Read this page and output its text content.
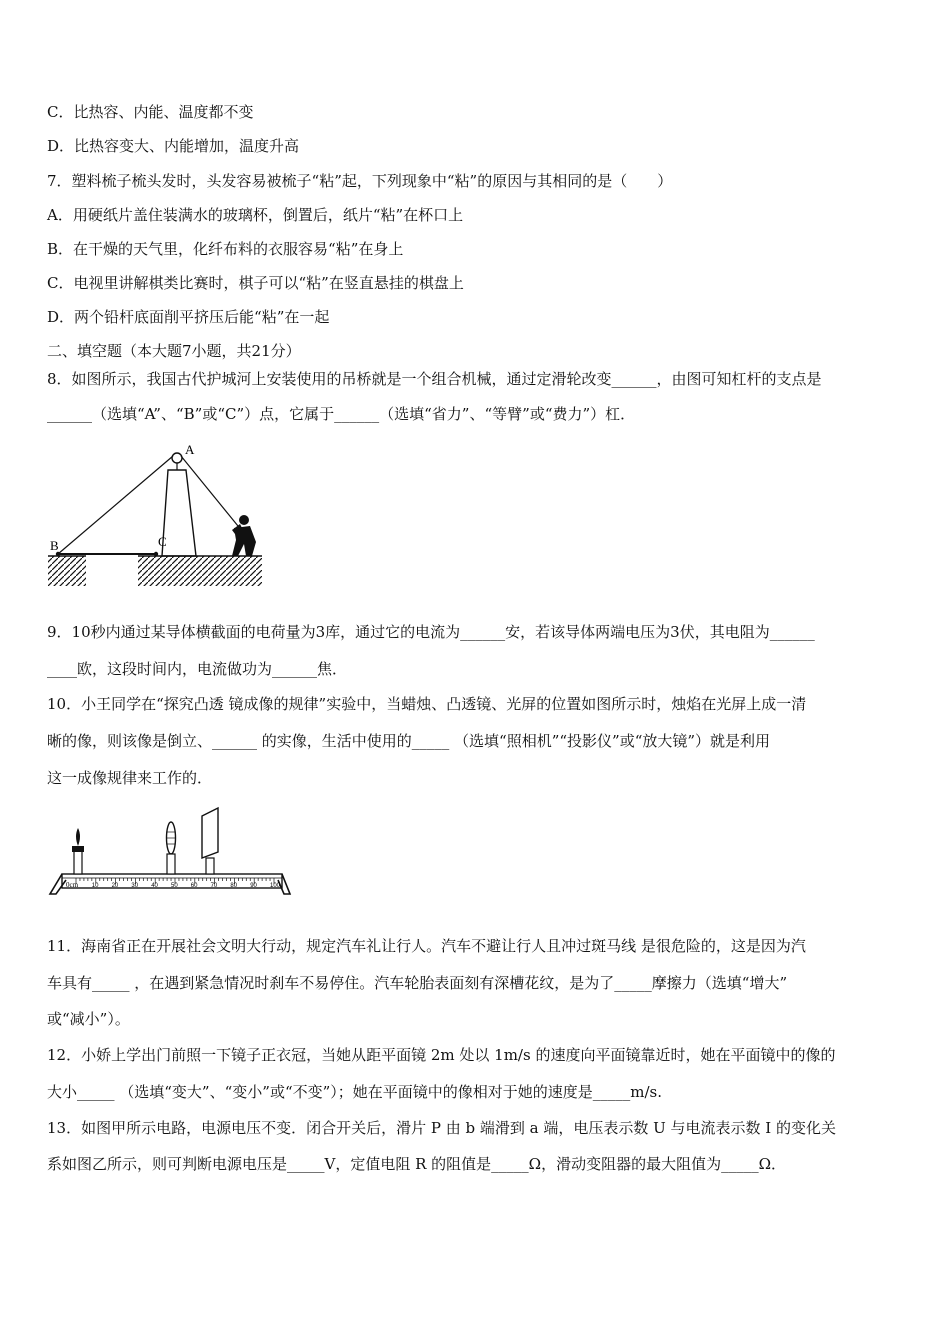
C．比热容、内能、温度都不变
D．比热容变大、内能增加，温度升高
7．塑料梳子梳头发时，头发容易被梳子“粘”起，下列现象中“粘”的原因与其相同的是（　　）
A．用硬纸片盖住装满水的玻璃杯，倒置后，纸片“粘”在杯口上
B．在干燥的天气里，化纤布料的衣服容易“粘”在身上
C．电视里讲解棋类比赛时，棋子可以“粘”在竖直悬挂的棋盘上
D．两个铅杆底面削平挤压后能“粘”在一起
二、填空题（本大题7小题，共21分）
8．如图所示，我国古代护城河上安装使用的吊桥就是一个组合机械，通过定滑轮改变______，由图可知杠杆的支点是
______（选填“A”、“B”或“C”）点，它属于______（选填“省力”、“等臂”或“费力”）杠．
A
B	C
9．10秒内通过某导体横截面的电荷量为3库，通过它的电流为______安，若该导体两端电压为3伏，其电阻为______
____欧，这段时间内，电流做功为______焦．
10．小王同学在“探究凸透 镜成像的规律”实验中，当蜡烛、凸透镜、光屏的位置如图所示时，烛焰在光屏上成一清
晰的像，则该像是倒立、______ 的实像，生活中使用的_____ （选填“照相机”“投影仪”或“放大镜”）就是利用
这一成像规律来工作的．
0cm 10 20 30 40 50 60 70 80 90 100
11．海南省正在开展社会文明大行动，规定汽车礼让行人。汽车不避让行人且冲过斑马线 是很危险的，这是因为汽
车具有_____ ，在遇到紧急情况时刹车不易停住。汽车轮胎表面刻有深槽花纹，是为了_____摩擦力（选填“增大”
或“减小”）。
12．小娇上学出门前照一下镜子正衣冠，当她从距平面镜 2m 处以 1m/s 的速度向平面镜靠近时，她在平面镜中的像的
大小_____ （选填“变大”、“变小”或“不变”）；她在平面镜中的像相对于她的速度是_____m/s.
13．如图甲所示电路，电源电压不变．闭合开关后，滑片 P 由 b 端滑到 a 端，电压表示数 U 与电流表示数 I 的变化关
系如图乙所示，则可判断电源电压是_____V，定值电阻 R 的阻值是_____Ω，滑动变阻器的最大阻值为_____Ω．
